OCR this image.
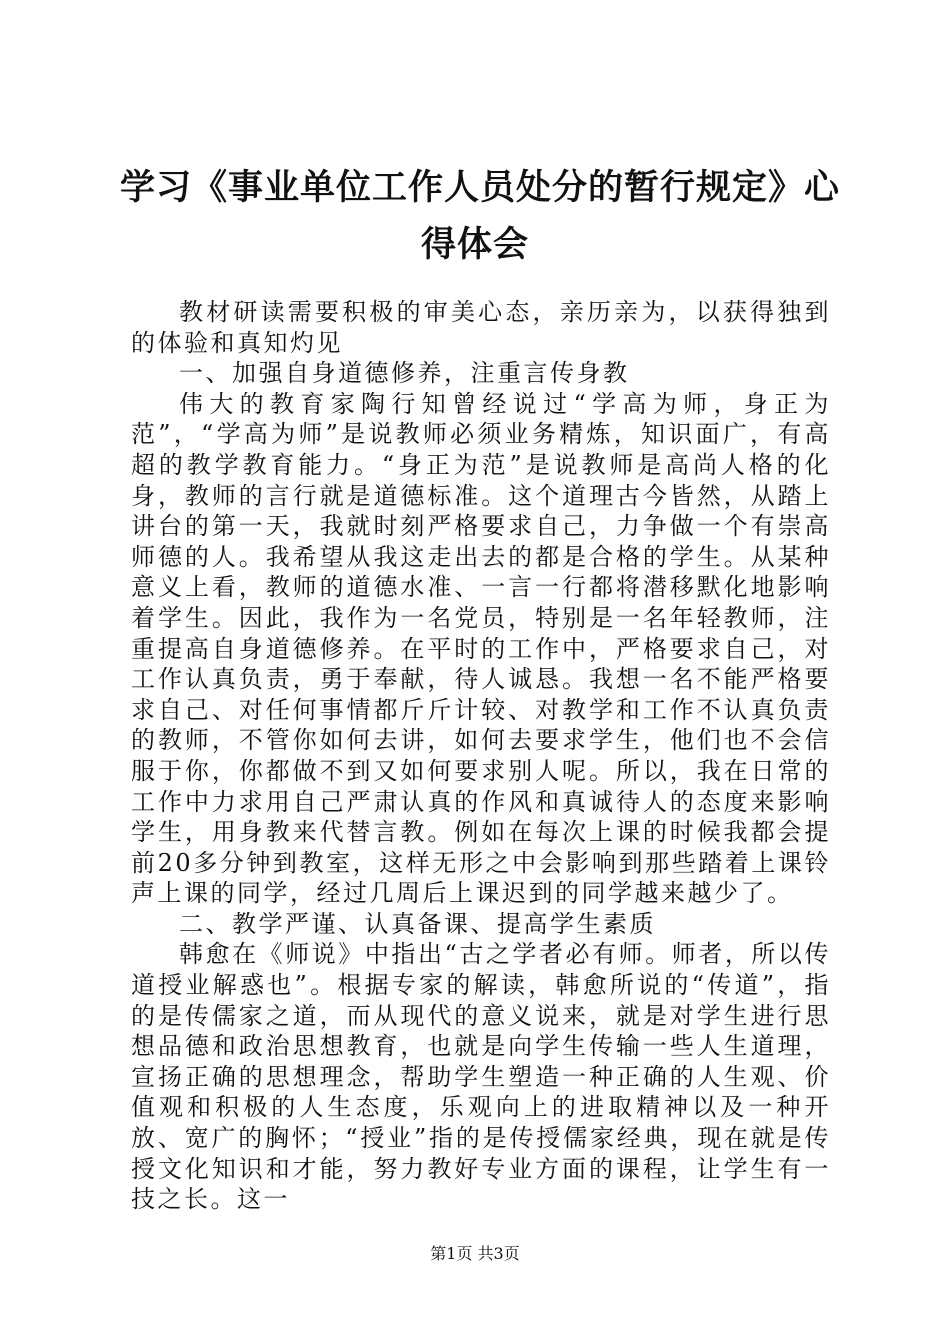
学习《事业单位工作人员处分的暂行规定》心
得体会

教材研读需要积极的审美心态，亲历亲为，以获得独到的体验和真知灼见

一、加强自身道德修养，注重言传身教

伟大的教育家陶行知曾经说过“学高为师，身正为范”，“学高为师”是说教师必须业务精炼，知识面广，有高超的教学教育能力。“身正为范”是说教师是高尚人格的化身，教师的言行就是道德标准。这个道理古今皆然，从踏上讲台的第一天，我就时刻严格要求自己，力争做一个有崇高师德的人。我希望从我这走出去的都是合格的学生。从某种意义上看，教师的道德水准、一言一行都将潜移默化地影响着学生。因此，我作为一名党员，特别是一名年轻教师，注重提高自身道德修养。在平时的工作中，严格要求自己，对工作认真负责，勇于奉献，待人诚恳。我想一名不能严格要求自己、对任何事情都斤斤计较、对教学和工作不认真负责的教师，不管你如何去讲，如何去要求学生，他们也不会信服于你，你都做不到又如何要求别人呢。所以，我在日常的工作中力求用自己严肃认真的作风和真诚待人的态度来影响学生，用身教来代替言教。例如在每次上课的时候我都会提前20多分钟到教室，这样无形之中会影响到那些踏着上课铃声上课的同学，经过几周后上课迟到的同学越来越少了。

二、教学严谨、认真备课、提高学生素质

韩愈在《师说》中指出“古之学者必有师。师者，所以传道授业解惑也”。根据专家的解读，韩愈所说的“传道”，指的是传儒家之道，而从现代的意义说来，就是对学生进行思想品德和政治思想教育，也就是向学生传输一些人生道理，宣扬正确的思想理念，帮助学生塑造一种正确的人生观、价值观和积极的人生态度，乐观向上的进取精神以及一种开放、宽广的胸怀；“授业”指的是传授儒家经典，现在就是传授文化知识和才能，努力教好专业方面的课程，让学生有一技之长。这一

第1页 共3页
